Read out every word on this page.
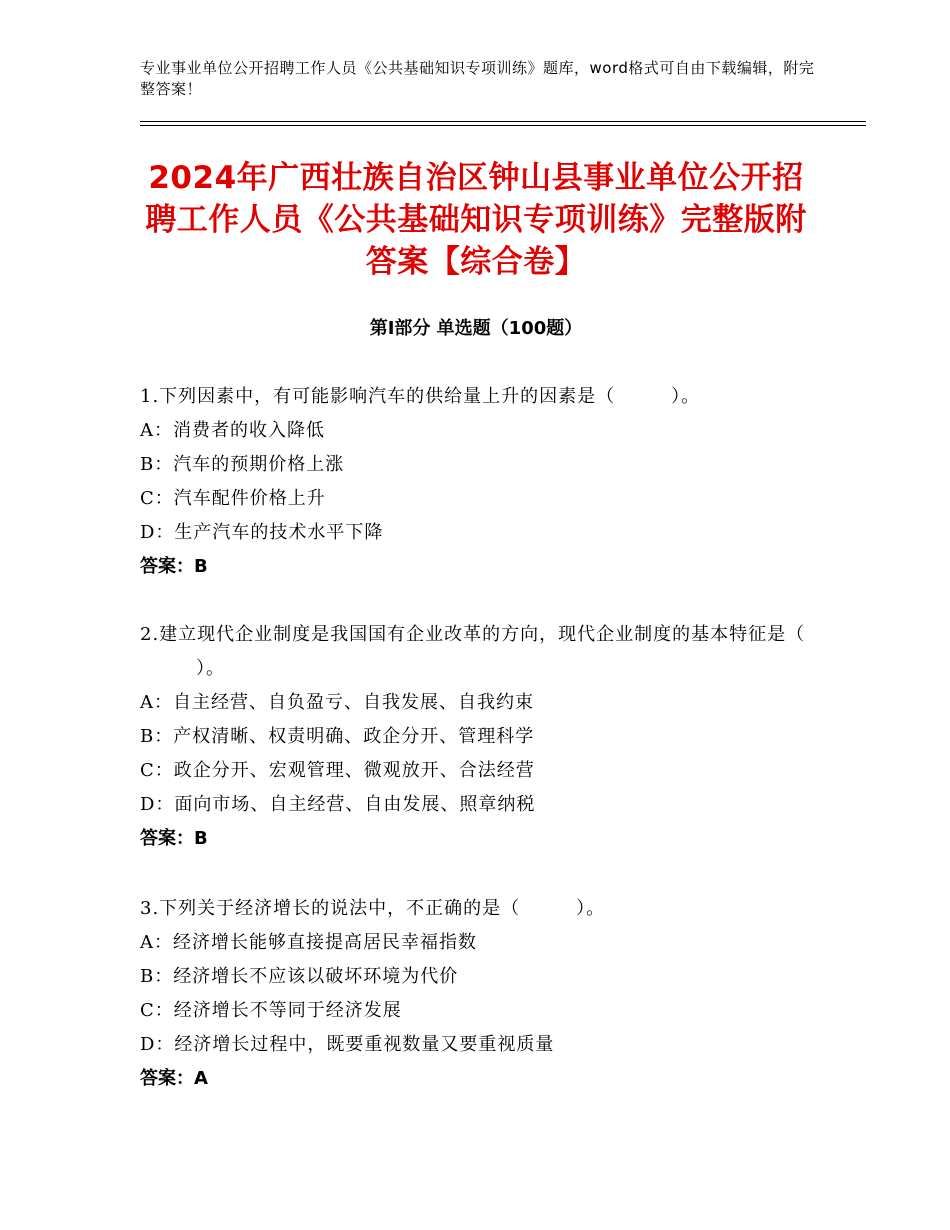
专业事业单位公开招聘工作人员《公共基础知识专项训练》题库，word格式可自由下载编辑，附完整答案！
2024年广西壮族自治区钟山县事业单位公开招聘工作人员《公共基础知识专项训练》完整版附答案【综合卷】
第Ⅰ部分 单选题（100题）
1.下列因素中，有可能影响汽车的供给量上升的因素是（	）。
A：消费者的收入降低
B：汽车的预期价格上涨
C：汽车配件价格上升
D：生产汽车的技术水平下降
答案：B
2.建立现代企业制度是我国国有企业改革的方向，现代企业制度的基本特征是（）。
A：自主经营、自负盈亏、自我发展、自我约束
B：产权清晰、权责明确、政企分开、管理科学
C：政企分开、宏观管理、微观放开、合法经营
D：面向市场、自主经营、自由发展、照章纳税
答案：B
3.下列关于经济增长的说法中，不正确的是（	）。
A：经济增长能够直接提高居民幸福指数
B：经济增长不应该以破坏环境为代价
C：经济增长不等同于经济发展
D：经济增长过程中，既要重视数量又要重视质量
答案：A
